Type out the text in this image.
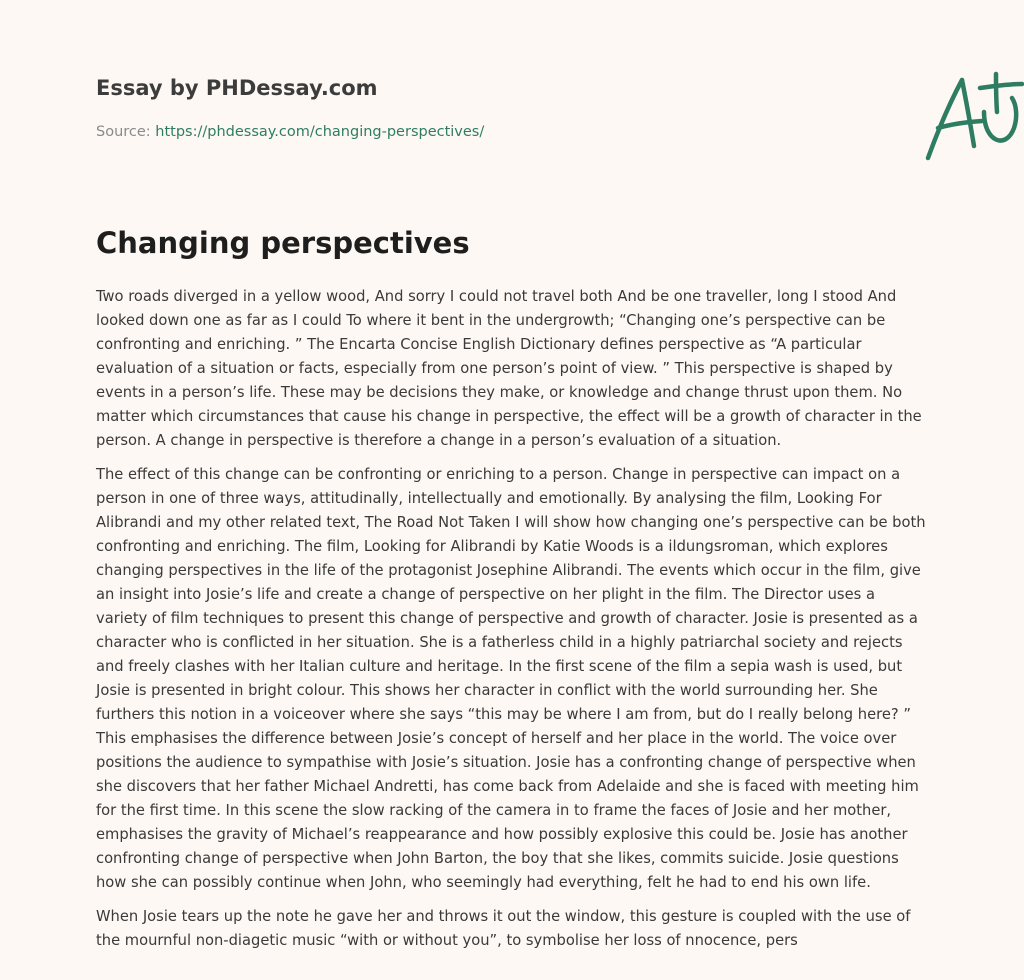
Essay by PHDessay.com
Source: https://phdessay.com/changing-perspectives/
Changing perspectives

Two roads diverged in a yellow wood, And sorry I could not travel both And be one traveller, long I stood And looked down one as far as I could To where it bent in the undergrowth; “Changing one’s perspective can be confronting and enriching. ” The Encarta Concise English Dictionary defines perspective as “A particular evaluation of a situation or facts, especially from one person’s point of view. ” This perspective is shaped by events in a person’s life. These may be decisions they make, or knowledge and change thrust upon them. No matter which circumstances that cause his change in perspective, the effect will be a growth of character in the person. A change in perspective is therefore a change in a person’s evaluation of a situation.

The effect of this change can be confronting or enriching to a person. Change in perspective can impact on a person in one of three ways, attitudinally, intellectually and emotionally. By analysing the film, Looking For Alibrandi and my other related text, The Road Not Taken I will show how changing one’s perspective can be both confronting and enriching. The film, Looking for Alibrandi by Katie Woods is a ildungsroman, which explores changing perspectives in the life of the protagonist Josephine Alibrandi. The events which occur in the film, give an insight into Josie’s life and create a change of perspective on her plight in the film. The Director uses a variety of film techniques to present this change of perspective and growth of character. Josie is presented as a character who is conflicted in her situation. She is a fatherless child in a highly patriarchal society and rejects and freely clashes with her Italian culture and heritage. In the first scene of the film a sepia wash is used, but Josie is presented in bright colour. This shows her character in conflict with the world surrounding her. She furthers this notion in a voiceover where she says “this may be where I am from, but do I really belong here? ” This emphasises the difference between Josie’s concept of herself and her place in the world. The voice over positions the audience to sympathise with Josie’s situation. Josie has a confronting change of perspective when she discovers that her father Michael Andretti, has come back from Adelaide and she is faced with meeting him for the first time. In this scene the slow racking of the camera in to frame the faces of Josie and her mother, emphasises the gravity of Michael’s reappearance and how possibly explosive this could be. Josie has another confronting change of perspective when John Barton, the boy that she likes, commits suicide. Josie questions how she can possibly continue when John, who seemingly had everything, felt he had to end his own life.

When Josie tears up the note he gave her and throws it out the window, this gesture is coupled with the use of the mournful non-diagetic music “with or without you”, to symbolise her loss of nnocence, pers
